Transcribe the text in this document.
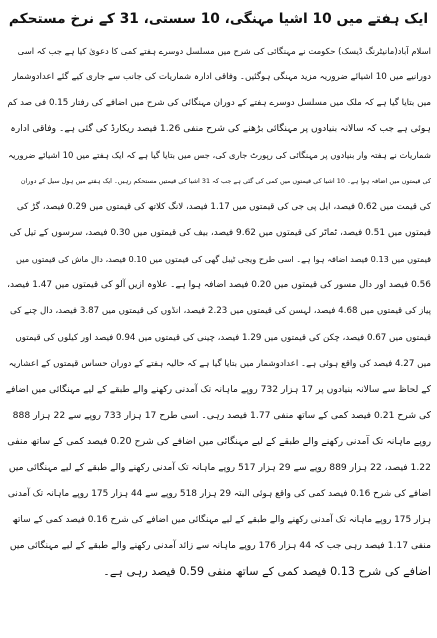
ایک ہفتے میں 10 اشیا مہنگی، 10 سستی، 31 کے نرخ مستحکم
اسلام آباد(مانیٹرنگ ڈیسک) حکومت نے مہنگائی کی شرح میں مسلسل دوسرے ہفتے کمی کا دعویٰ کیا ہے جب کہ اسی
دورانیے میں 10 اشیائے ضروریہ مزید مہنگی ہوگئیں۔ وفاقی ادارہ شماریات کی جانب سے جاری کیے گئے اعدادوشمار
میں بتایا گیا ہے کہ ملک میں مسلسل دوسرے ہفتے کے دوران مہنگائی کی شرح میں اضافے کی رفتار 0.15 فی صد کم
ہوئی ہے جب کہ سالانہ بنیادوں پر مہنگائی بڑھنے کی شرح منفی 1.26 فیصد ریکارڈ کی گئی ہے۔ وفاقی ادارہ
شماریات نے ہفتہ وار بنیادوں پر مہنگائی کی رپورٹ جاری کی، جس میں بتایا گیا ہے کہ ایک ہفتے میں 10 اشیائے ضروریہ
کی قیمتوں میں اضافہ ہوا ہے۔ 10 اشیا کی قیمتوں میں کمی کی گئی ہے جب کہ 31 اشیا کی قیمتیں مستحکم رہیں۔ ایک ہفتے میں ہول سیل کے دوران
کی قیمت میں 0.62 فیصد، ایل پی جی کی قیمتوں میں 1.17 فیصد، لانگ کلاتھ کی قیمتوں میں 0.29 فیصد، گڑ کی
قیمتوں میں 0.51 فیصد، ٹماٹر کی قیمتوں میں 9.62 فیصد، بیف کی قیمتوں میں 0.30 فیصد، سرسوں کے تیل کی
قیمتوں میں 0.13 فیصد اضافہ ہوا ہے۔ اسی طرح ویجی ٹیبل گھی کی قیمتوں میں 0.10 فیصد، دال ماش کی قیمتوں میں
0.56 فیصد اور دال مسور کی قیمتوں میں 0.20 فیصد اضافہ ہوا ہے۔ علاوہ ازیں آلو کی قیمتوں میں 1.47 فیصد،
پیاز کی قیمتوں میں 4.68 فیصد، لہسن کی قیمتوں میں 2.23 فیصد، انڈوں کی قیمتوں میں 3.87 فیصد، دال چنے کی
قیمتوں میں 0.67 فیصد، چکن کی قیمتوں میں 1.29 فیصد، چینی کی قیمتوں میں 0.94 فیصد اور کیلوں کی قیمتوں
میں 4.27 فیصد کی واقع ہوئی ہے۔ اعدادوشمار میں بتایا گیا ہے کہ حالیہ ہفتے کے دوران حساس قیمتوں کے اعشاریہ
کے لحاظ سے سالانہ بنیادوں پر 17 ہزار 732 روپے ماہانہ تک آمدنی رکھنے والے طبقے کے لیے مہنگائی میں اضافے
کی شرح 0.21 فیصد کمی کے ساتھ منفی 1.77 فیصد رہی۔ اسی طرح 17 ہزار 733 روپے سے 22 ہزار 888
روپے ماہانہ تک آمدنی رکھنے والے طبقے کے لیے مہنگائی میں اضافے کی شرح 0.20 فیصد کمی کے ساتھ منفی
1.22 فیصد، 22 ہزار 889 روپے سے 29 ہزار 517 روپے ماہانہ تک آمدنی رکھنے والے طبقے کے لیے مہنگائی میں
اضافے کی شرح 0.16 فیصد کمی کی واقع ہوئی البتہ 29 ہزار 518 روپے سے 44 ہزار 175 روپے ماہانہ تک آمدنی
ہزار 175 روپے ماہانہ تک آمدنی رکھنے والے طبقے کے لیے مہنگائی میں اضافے کی شرح 0.16 فیصد کمی کے ساتھ
منفی 1.17 فیصد رہی جب کہ 44 ہزار 176 روپے ماہانہ سے زائد آمدنی رکھنے والے طبقے کے لیے مہنگائی میں
اضافے کی شرح 0.13 فیصد کمی کے ساتھ منفی 0.59 فیصد رہی ہے۔
